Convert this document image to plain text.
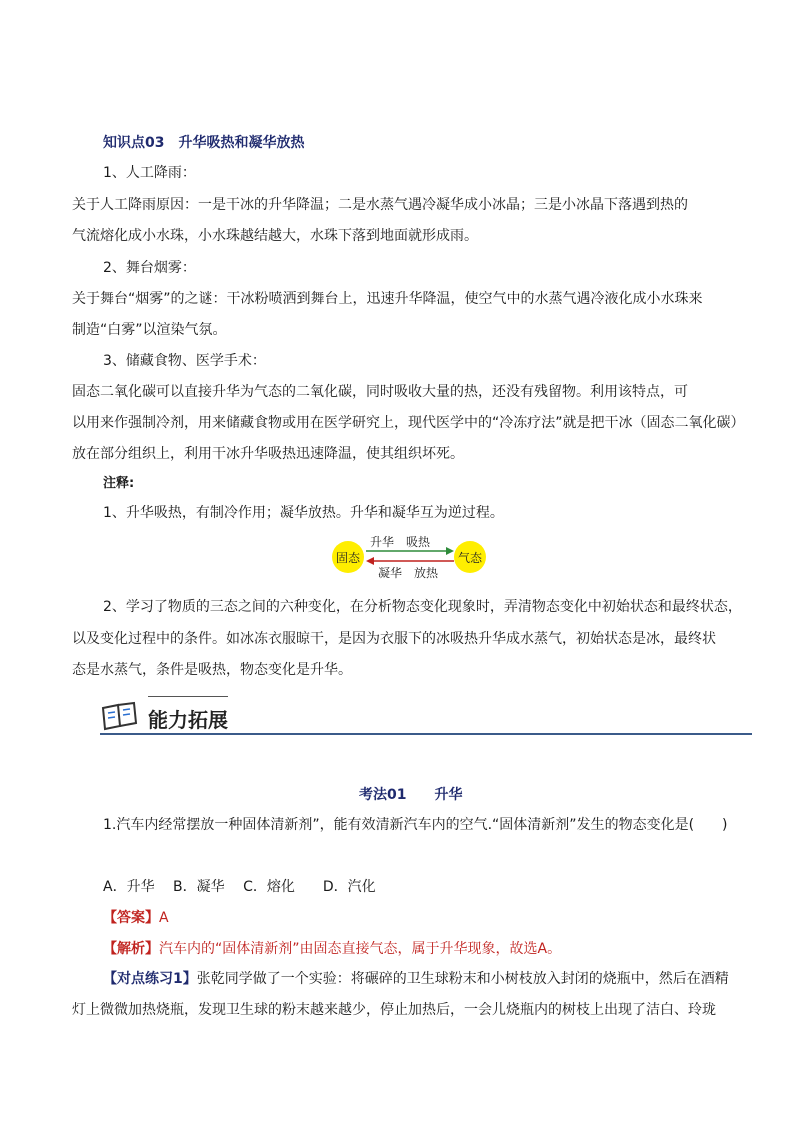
知识点03　升华吸热和凝华放热
1、人工降雨：
关于人工降雨原因：一是干冰的升华降温；二是水蒸气遇冷凝华成小冰晶；三是小冰晶下落遇到热的
气流熔化成小水珠，小水珠越结越大，水珠下落到地面就形成雨。
2、舞台烟雾：
关于舞台“烟雾”的之谜：干冰粉喷洒到舞台上，迅速升华降温，使空气中的水蒸气遇冷液化成小水珠来
制造“白雾”以渲染气氛。
3、储藏食物、医学手术：
固态二氧化碳可以直接升华为气态的二氧化碳，同时吸收大量的热，还没有残留物。利用该特点，可
以用来作强制冷剂，用来储藏食物或用在医学研究上，现代医学中的“冷冻疗法”就是把干冰（固态二氧化碳）
放在部分组织上，利用干冰升华吸热迅速降温，使其组织坏死。
注释:
1、升华吸热，有制冷作用；凝华放热。升华和凝华互为逆过程。
固态	气态
升华　吸热
凝华　放热
2、学习了物质的三态之间的六种变化，在分析物态变化现象时，弄清物态变化中初始状态和最终状态，
以及变化过程中的条件。如冰冻衣服晾干，是因为衣服下的冰吸热升华成水蒸气，初始状态是冰，最终状
态是水蒸气，条件是吸热，物态变化是升华。
能力拓展
考法01　　升华
1.汽车内经常摆放一种固体清新剂”，能有效清新汽车内的空气.“固体清新剂”发生的物态变化是(　　)
A．升华　 B．凝华　 C．熔化　　D．汽化
【答案】A
【解析】汽车内的“固体清新剂”由固态直接气态，属于升华现象，故选A。
【对点练习1】张乾同学做了一个实验：将碾碎的卫生球粉末和小树枝放入封闭的烧瓶中，然后在酒精
灯上微微加热烧瓶，发现卫生球的粉末越来越少，停止加热后，一会儿烧瓶内的树枝上出现了洁白、玲珑
